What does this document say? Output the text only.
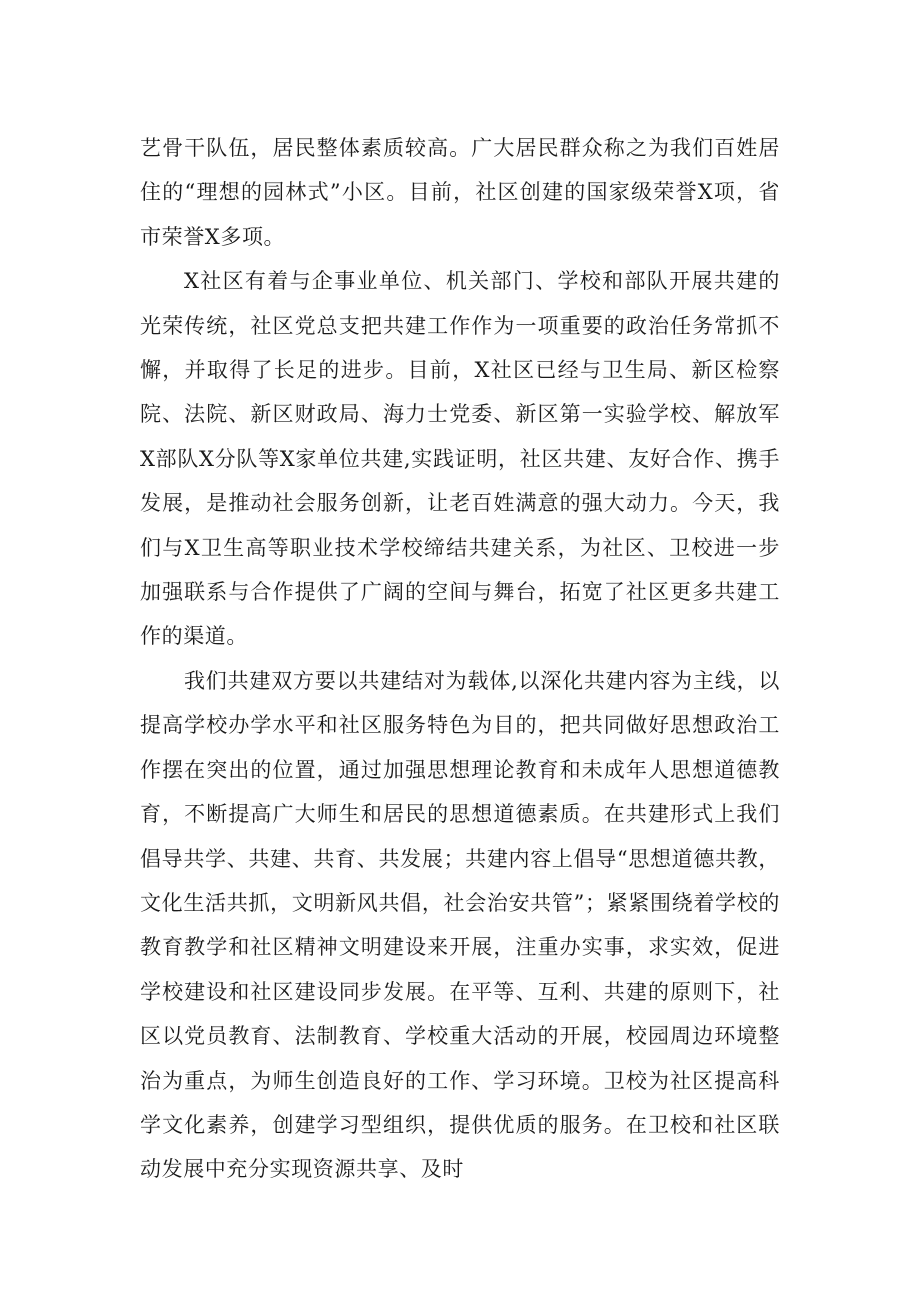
艺骨干队伍，居民整体素质较高。广大居民群众称之为我们百姓居住的“理想的园林式”小区。目前，社区创建的国家级荣誉X项，省市荣誉X多项。

X社区有着与企事业单位、机关部门、学校和部队开展共建的光荣传统，社区党总支把共建工作作为一项重要的政治任务常抓不懈，并取得了长足的进步。目前，X社区已经与卫生局、新区检察院、法院、新区财政局、海力士党委、新区第一实验学校、解放军X部队X分队等X家单位共建,实践证明，社区共建、友好合作、携手发展，是推动社会服务创新，让老百姓满意的强大动力。今天，我们与X卫生高等职业技术学校缔结共建关系，为社区、卫校进一步加强联系与合作提供了广阔的空间与舞台，拓宽了社区更多共建工作的渠道。

我们共建双方要以共建结对为载体,以深化共建内容为主线，以提高学校办学水平和社区服务特色为目的，把共同做好思想政治工作摆在突出的位置，通过加强思想理论教育和未成年人思想道德教育，不断提高广大师生和居民的思想道德素质。在共建形式上我们倡导共学、共建、共育、共发展；共建内容上倡导“思想道德共教，文化生活共抓，文明新风共倡，社会治安共管”；紧紧围绕着学校的教育教学和社区精神文明建设来开展，注重办实事，求实效，促进学校建设和社区建设同步发展。在平等、互利、共建的原则下，社区以党员教育、法制教育、学校重大活动的开展，校园周边环境整治为重点，为师生创造良好的工作、学习环境。卫校为社区提高科学文化素养，创建学习型组织，提供优质的服务。在卫校和社区联动发展中充分实现资源共享、及时
